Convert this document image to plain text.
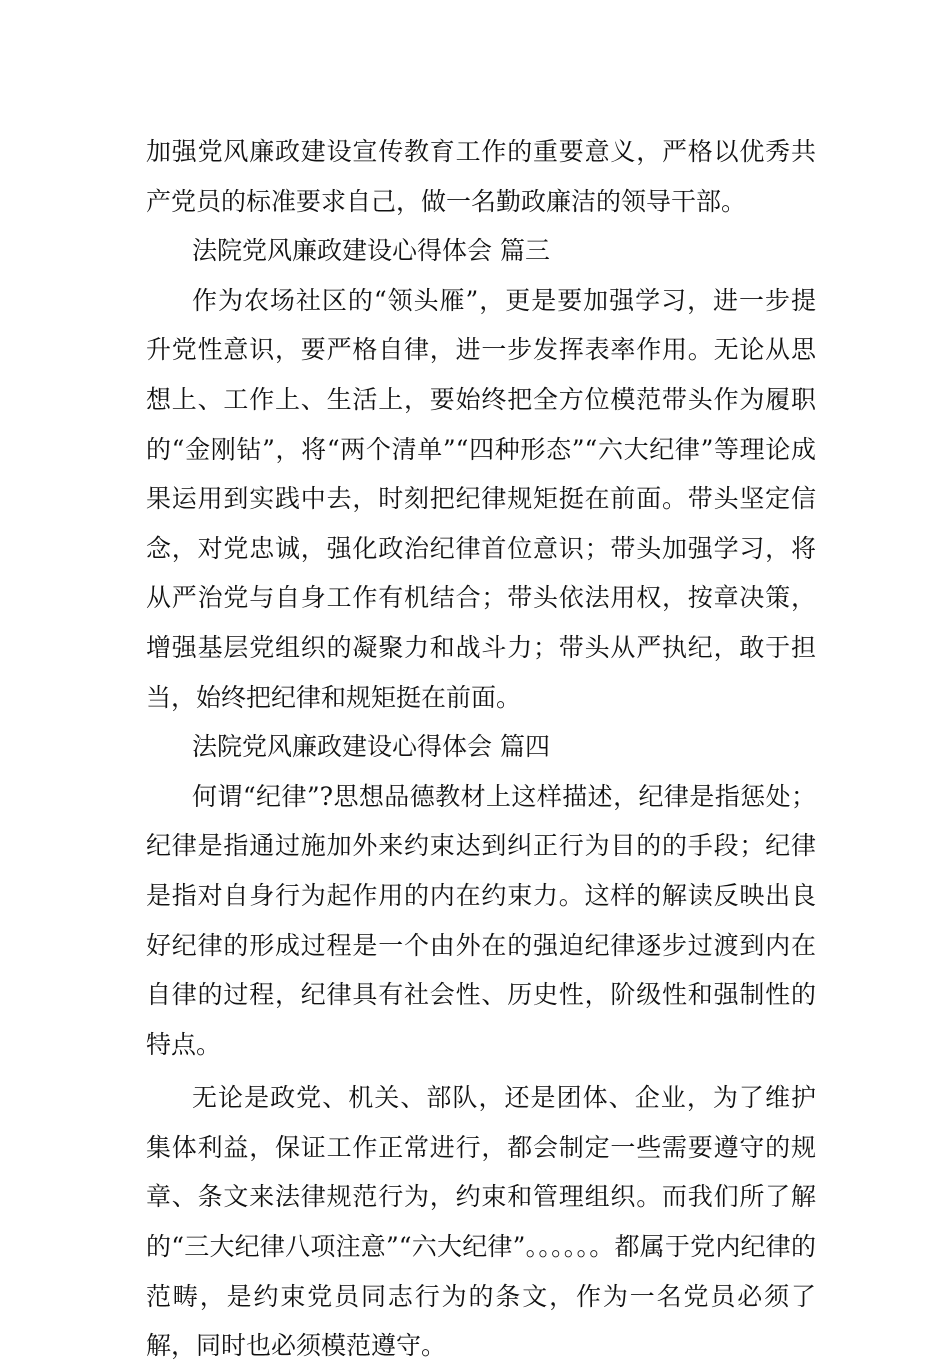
加强党风廉政建设宣传教育工作的重要意义，严格以优秀共产党员的标准要求自己，做一名勤政廉洁的领导干部。

法院党风廉政建设心得体会 篇三

作为农场社区的“领头雁”，更是要加强学习，进一步提升党性意识，要严格自律，进一步发挥表率作用。无论从思想上、工作上、生活上，要始终把全方位模范带头作为履职的“金刚钻”，将“两个清单”“四种形态”“六大纪律”等理论成果运用到实践中去，时刻把纪律规矩挺在前面。带头坚定信念，对党忠诚，强化政治纪律首位意识；带头加强学习，将从严治党与自身工作有机结合；带头依法用权，按章决策，增强基层党组织的凝聚力和战斗力；带头从严执纪，敢于担当，始终把纪律和规矩挺在前面。

法院党风廉政建设心得体会 篇四

何谓“纪律”?思想品德教材上这样描述，纪律是指惩处；纪律是指通过施加外来约束达到纠正行为目的的手段；纪律是指对自身行为起作用的内在约束力。这样的解读反映出良好纪律的形成过程是一个由外在的强迫纪律逐步过渡到内在自律的过程，纪律具有社会性、历史性，阶级性和强制性的特点。

无论是政党、机关、部队，还是团体、企业，为了维护集体利益，保证工作正常进行，都会制定一些需要遵守的规章、条文来法律规范行为，约束和管理组织。而我们所了解的“三大纪律八项注意”“六大纪律”。。。。。。都属于党内纪律的范畴，是约束党员同志行为的条文，作为一名党员必须了解，同时也必须模范遵守。
